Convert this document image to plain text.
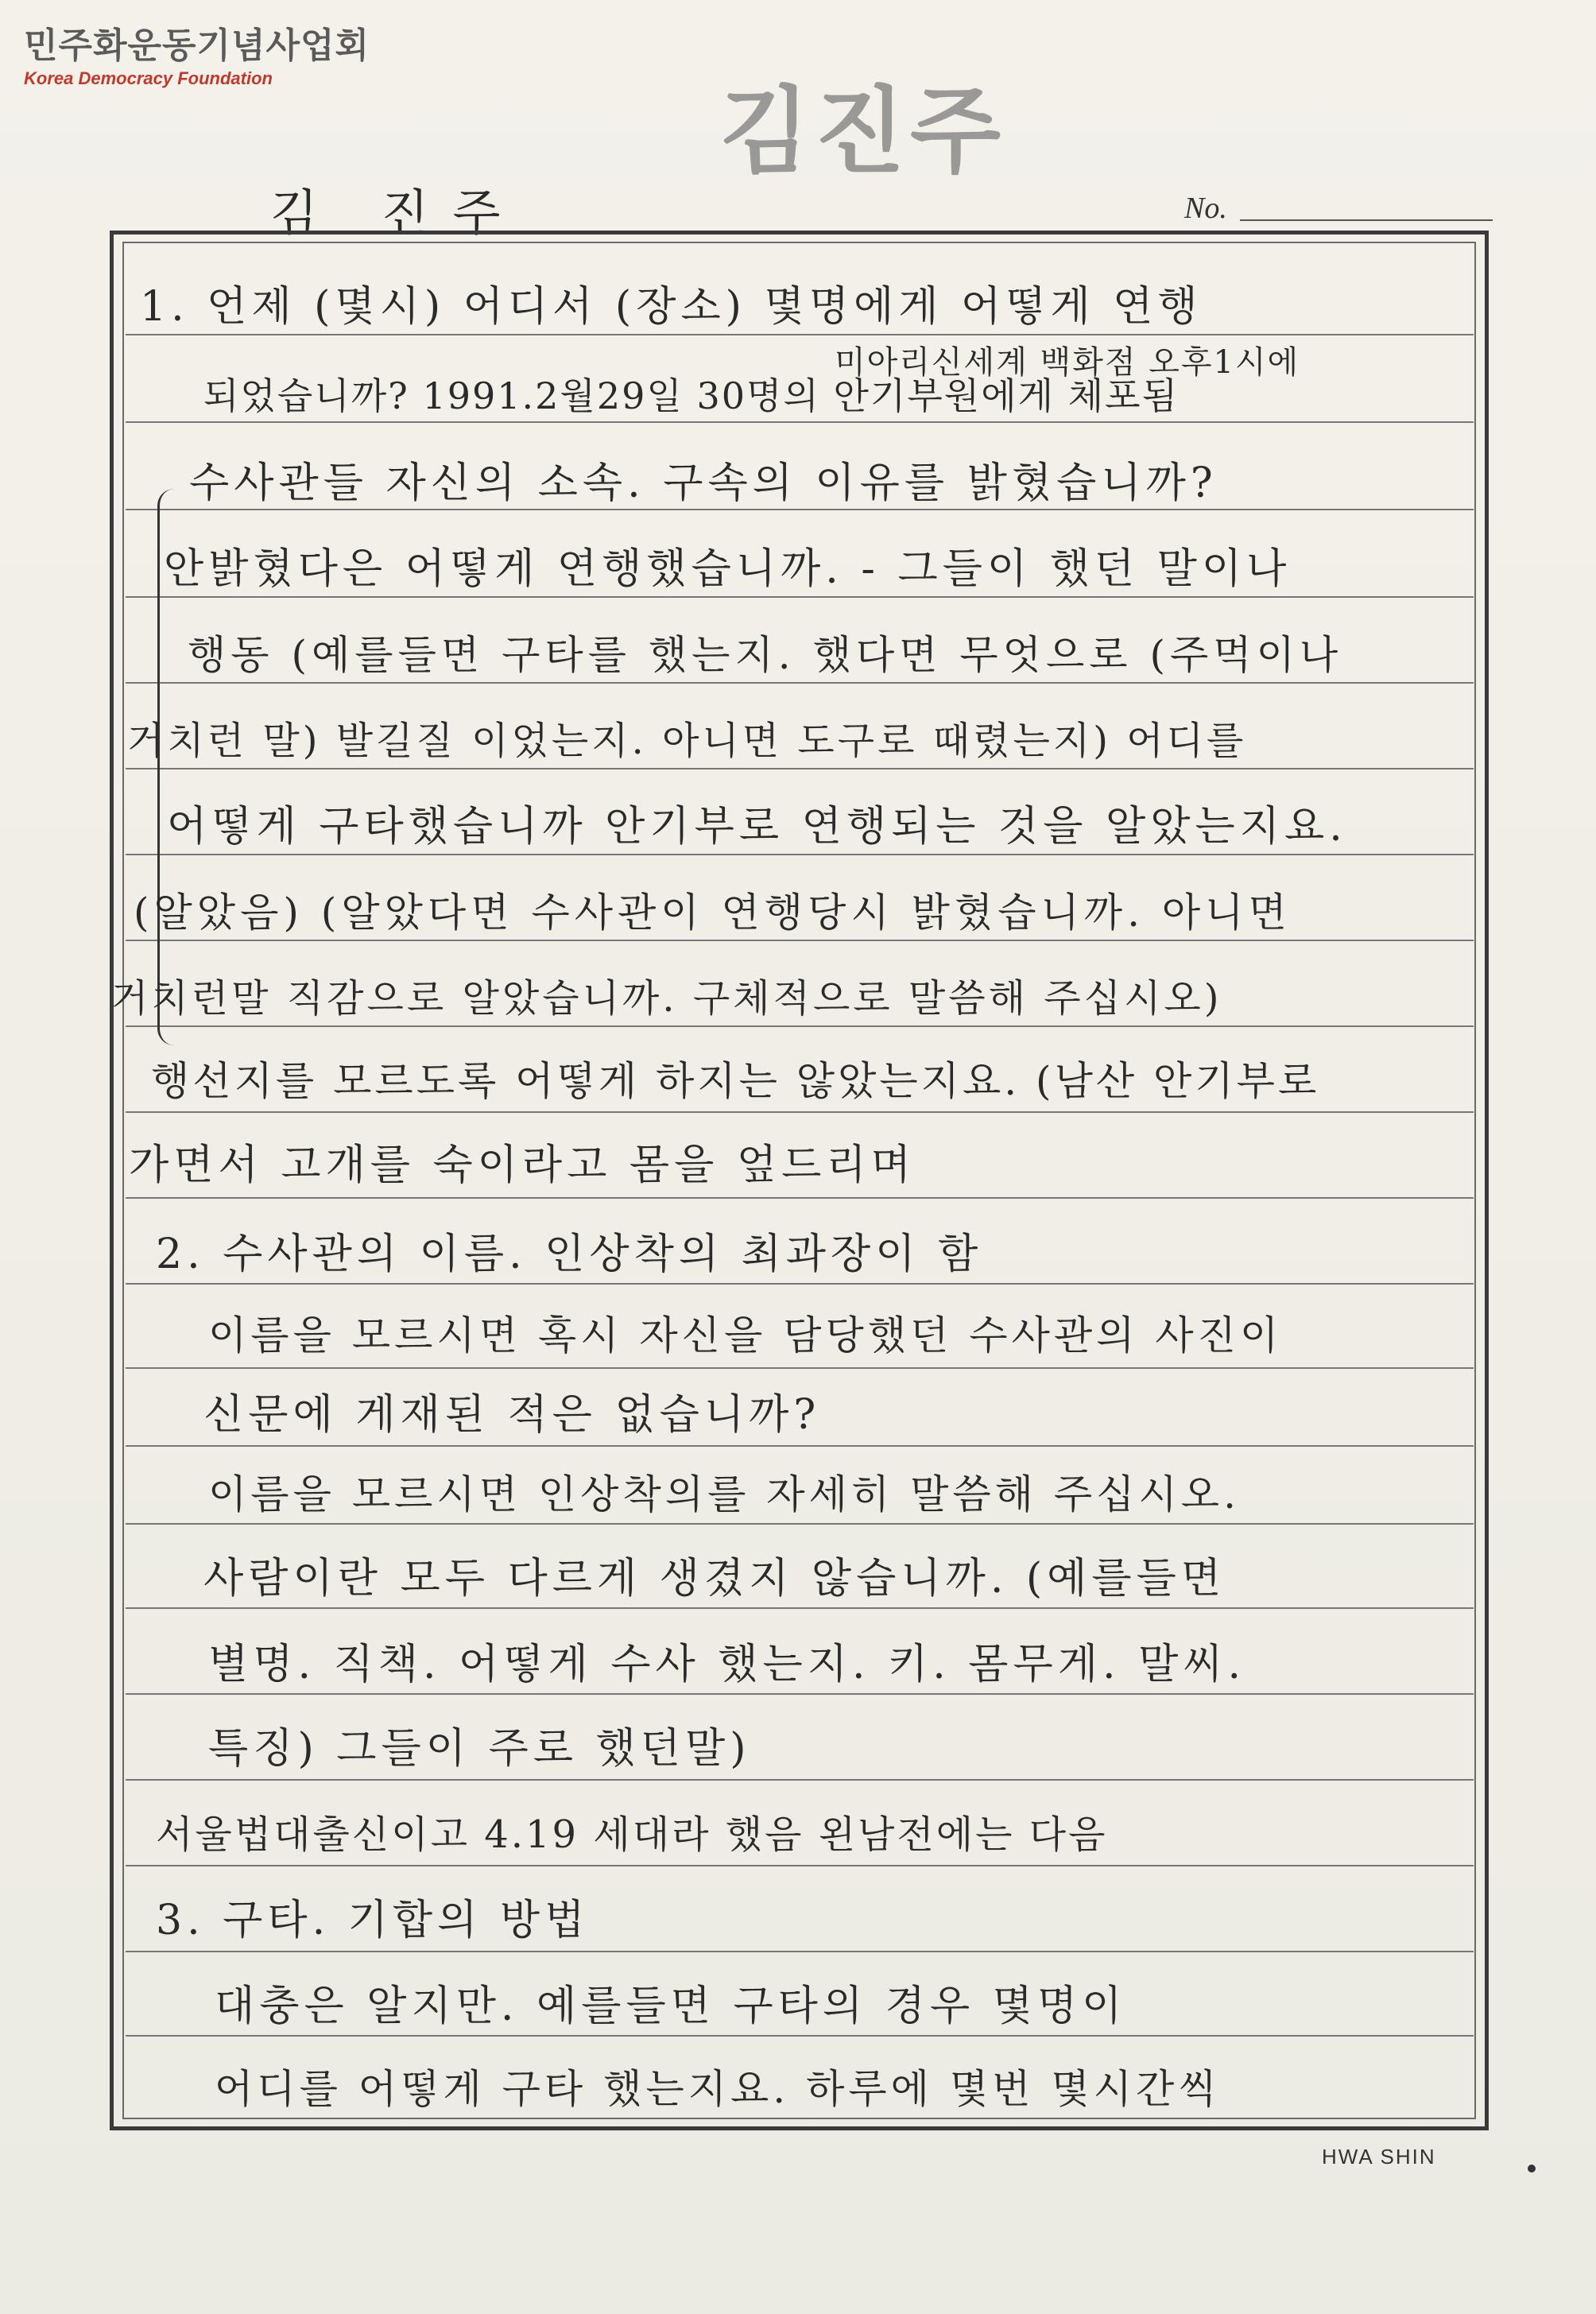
민주화운동기념사업회
Korea Democracy Foundation	김진주
김 진주	No.
1. 언제 (몇시) 어디서 (장소) 몇명에게 어떻게 연행
미아리신세계 백화점 오후1시에
되었습니까? 1991.2월29일 30명의 안기부원에게 체포됨
수사관들 자신의 소속. 구속의 이유를 밝혔습니까?
안밝혔다은 어떻게 연행했습니까. - 그들이 했던 말이나
행동 (예를들면 구타를 했는지. 했다면 무엇으로 (주먹이나
거치런 말) 발길질 이었는지. 아니면 도구로 때렸는지) 어디를
어떻게 구타했습니까 안기부로 연행되는 것을 알았는지요.
(알았음) (알았다면 수사관이 연행당시 밝혔습니까. 아니면
거치런말 직감으로 알았습니까. 구체적으로 말씀해 주십시오)
행선지를 모르도록 어떻게 하지는 않았는지요. (남산 안기부로
가면서 고개를 숙이라고 몸을 엎드리며
2. 수사관의 이름. 인상착의 최과장이 함
이름을 모르시면 혹시 자신을 담당했던 수사관의 사진이
신문에 게재된 적은 없습니까?
이름을 모르시면 인상착의를 자세히 말씀해 주십시오.
사람이란 모두 다르게 생겼지 않습니까. (예를들면
별명. 직책. 어떻게 수사 했는지. 키. 몸무게. 말씨.
특징) 그들이 주로 했던말)
서울법대출신이고 4.19 세대라 했음 왼남전에는 다음
3. 구타. 기합의 방법
대충은 알지만. 예를들면 구타의 경우 몇명이
어디를 어떻게 구타 했는지요. 하루에 몇번 몇시간씩
HWA SHIN
